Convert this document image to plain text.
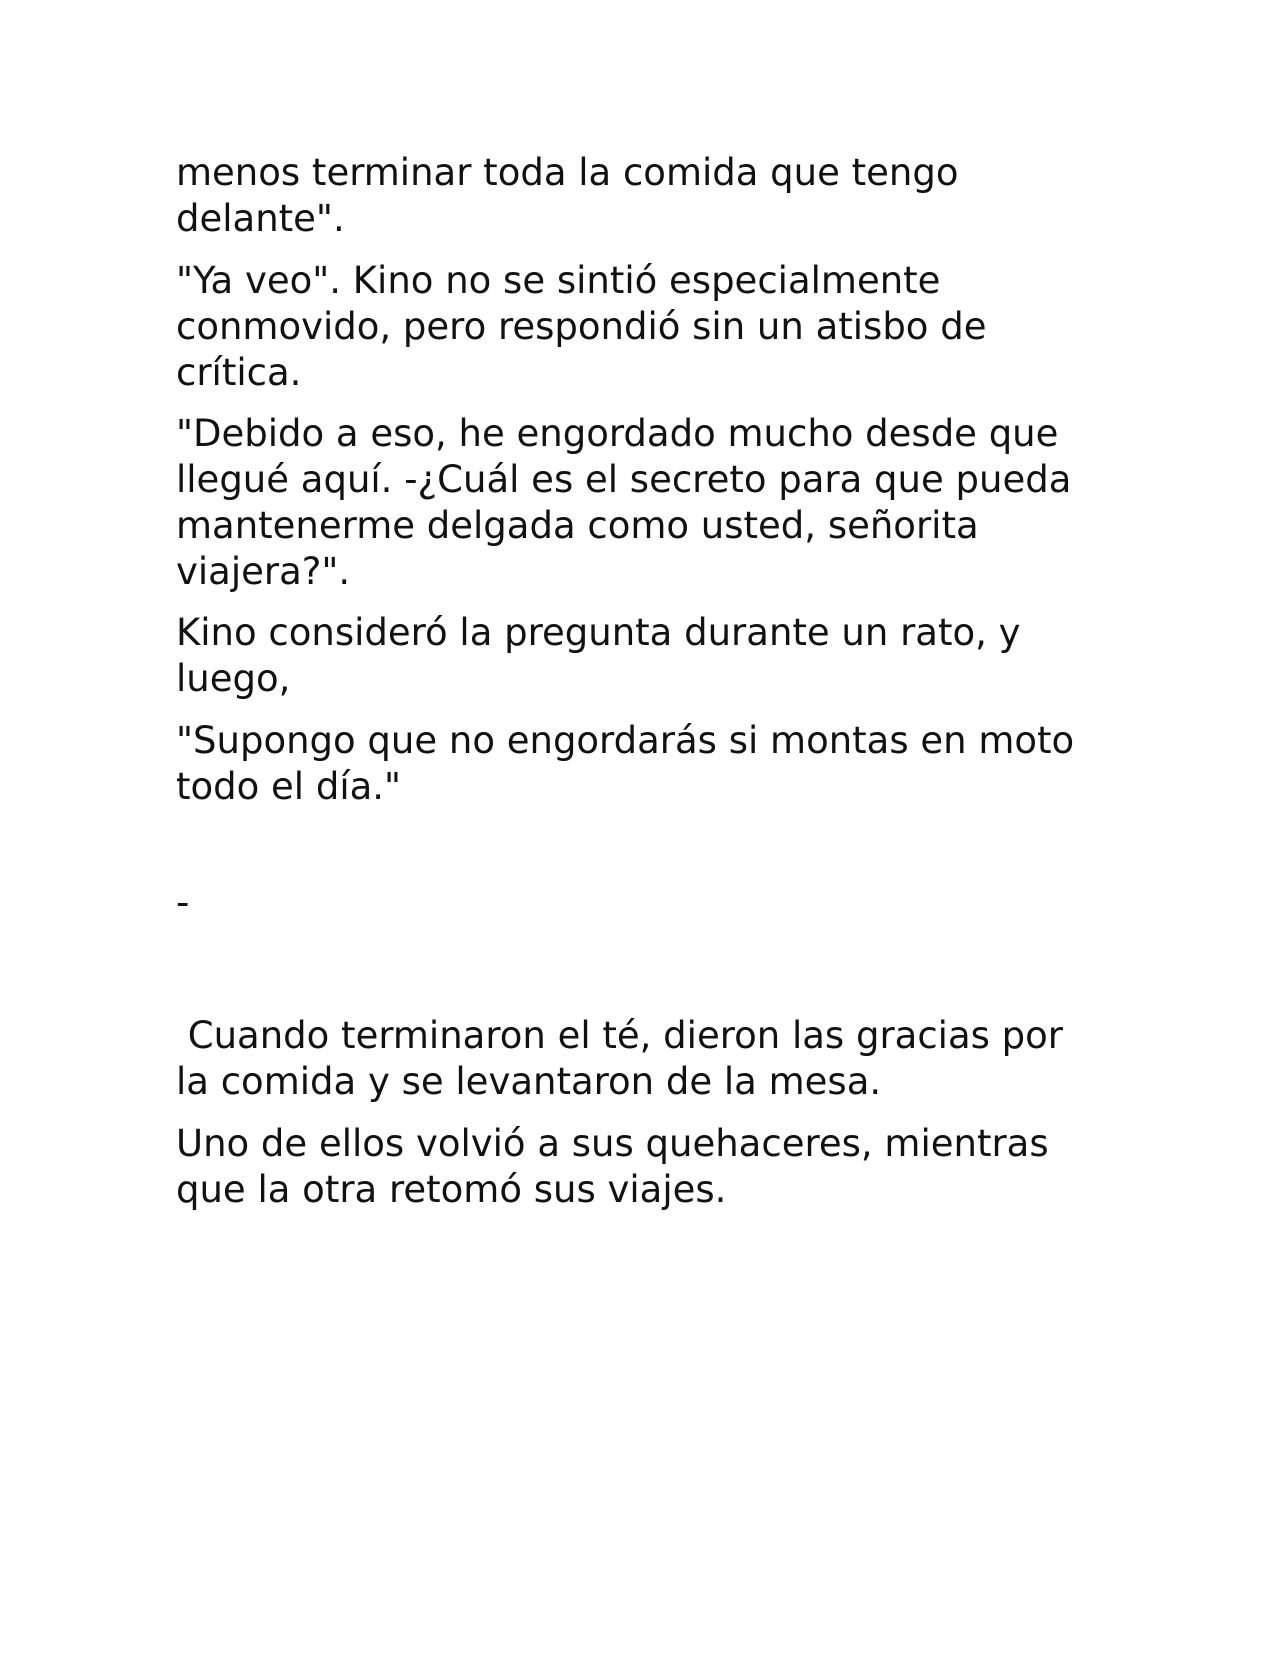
menos terminar toda la comida que tengo
delante".
"Ya veo". Kino no se sintió especialmente
conmovido, pero respondió sin un atisbo de
crítica.
"Debido a eso, he engordado mucho desde que
llegué aquí. -¿Cuál es el secreto para que pueda
mantenerme delgada como usted, señorita
viajera?".
Kino consideró la pregunta durante un rato, y
luego,
"Supongo que no engordarás si montas en moto
todo el día."
-
Cuando terminaron el té, dieron las gracias por
la comida y se levantaron de la mesa.
Uno de ellos volvió a sus quehaceres, mientras
que la otra retomó sus viajes.
